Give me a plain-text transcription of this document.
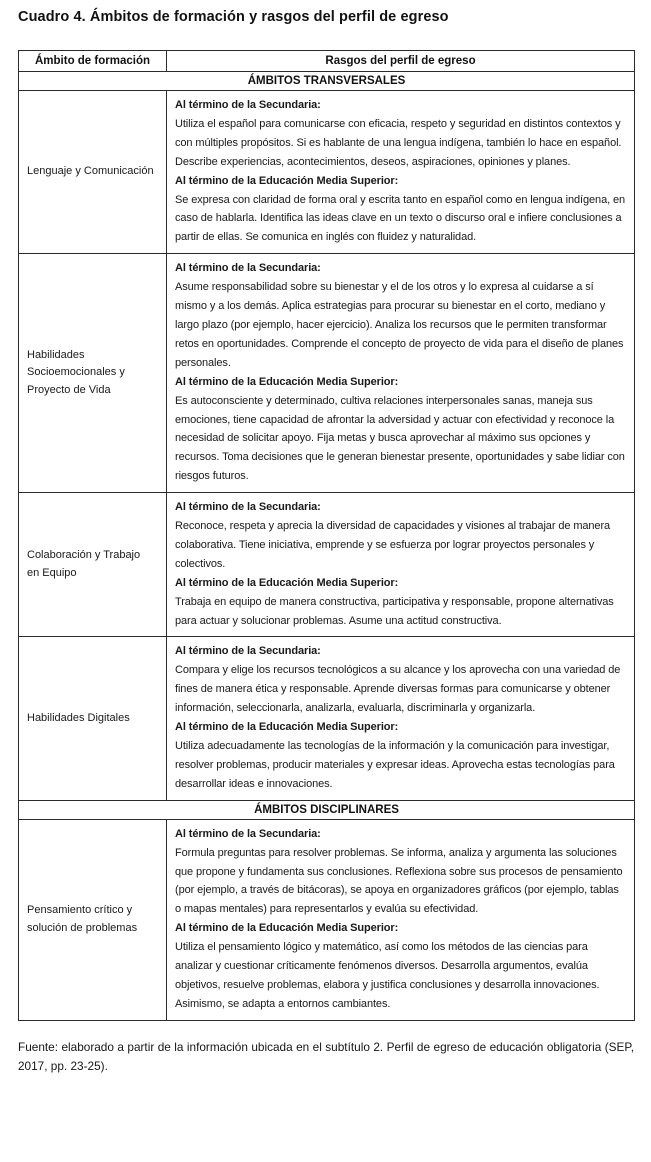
Cuadro 4. Ámbitos de formación y rasgos del perfil de egreso
Ámbito de formación	Rasgos del perfil de egreso
ÁMBITOS TRANSVERSALES	
Lenguaje y Comunicación	Al término de la Secundaria:
Utiliza el español para comunicarse con eficacia, respeto y seguridad en distintos contextos y con múltiples propósitos. Si es hablante de una lengua indígena, también lo hace en español. Describe experiencias, acontecimientos, deseos, aspiraciones, opiniones y planes.
Al término de la Educación Media Superior:
Se expresa con claridad de forma oral y escrita tanto en español como en lengua indígena, en caso de hablarla. Identifica las ideas clave en un texto o discurso oral e infiere conclusiones a partir de ellas. Se comunica en inglés con fluidez y naturalidad.

Habilidades Socioemocionales y Proyecto de Vida	Al término de la Secundaria:
Asume responsabilidad sobre su bienestar y el de los otros y lo expresa al cuidarse a sí mismo y a los demás. Aplica estrategias para procurar su bienestar en el corto, mediano y largo plazo (por ejemplo, hacer ejercicio). Analiza los recursos que le permiten transformar retos en oportunidades. Comprende el concepto de proyecto de vida para el diseño de planes personales.
Al término de la Educación Media Superior:
Es autoconsciente y determinado, cultiva relaciones interpersonales sanas, maneja sus emociones, tiene capacidad de afrontar la adversidad y actuar con efectividad y reconoce la necesidad de solicitar apoyo. Fija metas y busca aprovechar al máximo sus opciones y recursos. Toma decisiones que le generan bienestar presente, oportunidades y sabe lidiar con riesgos futuros.

Colaboración y Trabajo en Equipo	Al término de la Secundaria:
Reconoce, respeta y aprecia la diversidad de capacidades y visiones al trabajar de manera colaborativa. Tiene iniciativa, emprende y se esfuerza por lograr proyectos personales y colectivos.
Al término de la Educación Media Superior:
Trabaja en equipo de manera constructiva, participativa y responsable, propone alternativas para actuar y solucionar problemas. Asume una actitud constructiva.

Habilidades Digitales	Al término de la Secundaria:
Compara y elige los recursos tecnológicos a su alcance y los aprovecha con una variedad de fines de manera ética y responsable. Aprende diversas formas para comunicarse y obtener información, seleccionarla, analizarla, evaluarla, discriminarla y organizarla.
Al término de la Educación Media Superior:
Utiliza adecuadamente las tecnologías de la información y la comunicación para investigar, resolver problemas, producir materiales y expresar ideas. Aprovecha estas tecnologías para desarrollar ideas e innovaciones.

ÁMBITOS DISCIPLINARES	
Pensamiento crítico y solución de problemas	Al término de la Secundaria:
Formula preguntas para resolver problemas. Se informa, analiza y argumenta las soluciones que propone y fundamenta sus conclusiones. Reflexiona sobre sus procesos de pensamiento (por ejemplo, a través de bitácoras), se apoya en organizadores gráficos (por ejemplo, tablas o mapas mentales) para representarlos y evalúa su efectividad.
Al término de la Educación Media Superior:
Utiliza el pensamiento lógico y matemático, así como los métodos de las ciencias para analizar y cuestionar críticamente fenómenos diversos. Desarrolla argumentos, evalúa objetivos, resuelve problemas, elabora y justifica conclusiones y desarrolla innovaciones. Asimismo, se adapta a entornos cambiantes.

Fuente: elaborado a partir de la información ubicada en el subtítulo 2. Perfil de egreso de educación obligatoria (SEP, 2017, pp. 23-25).
